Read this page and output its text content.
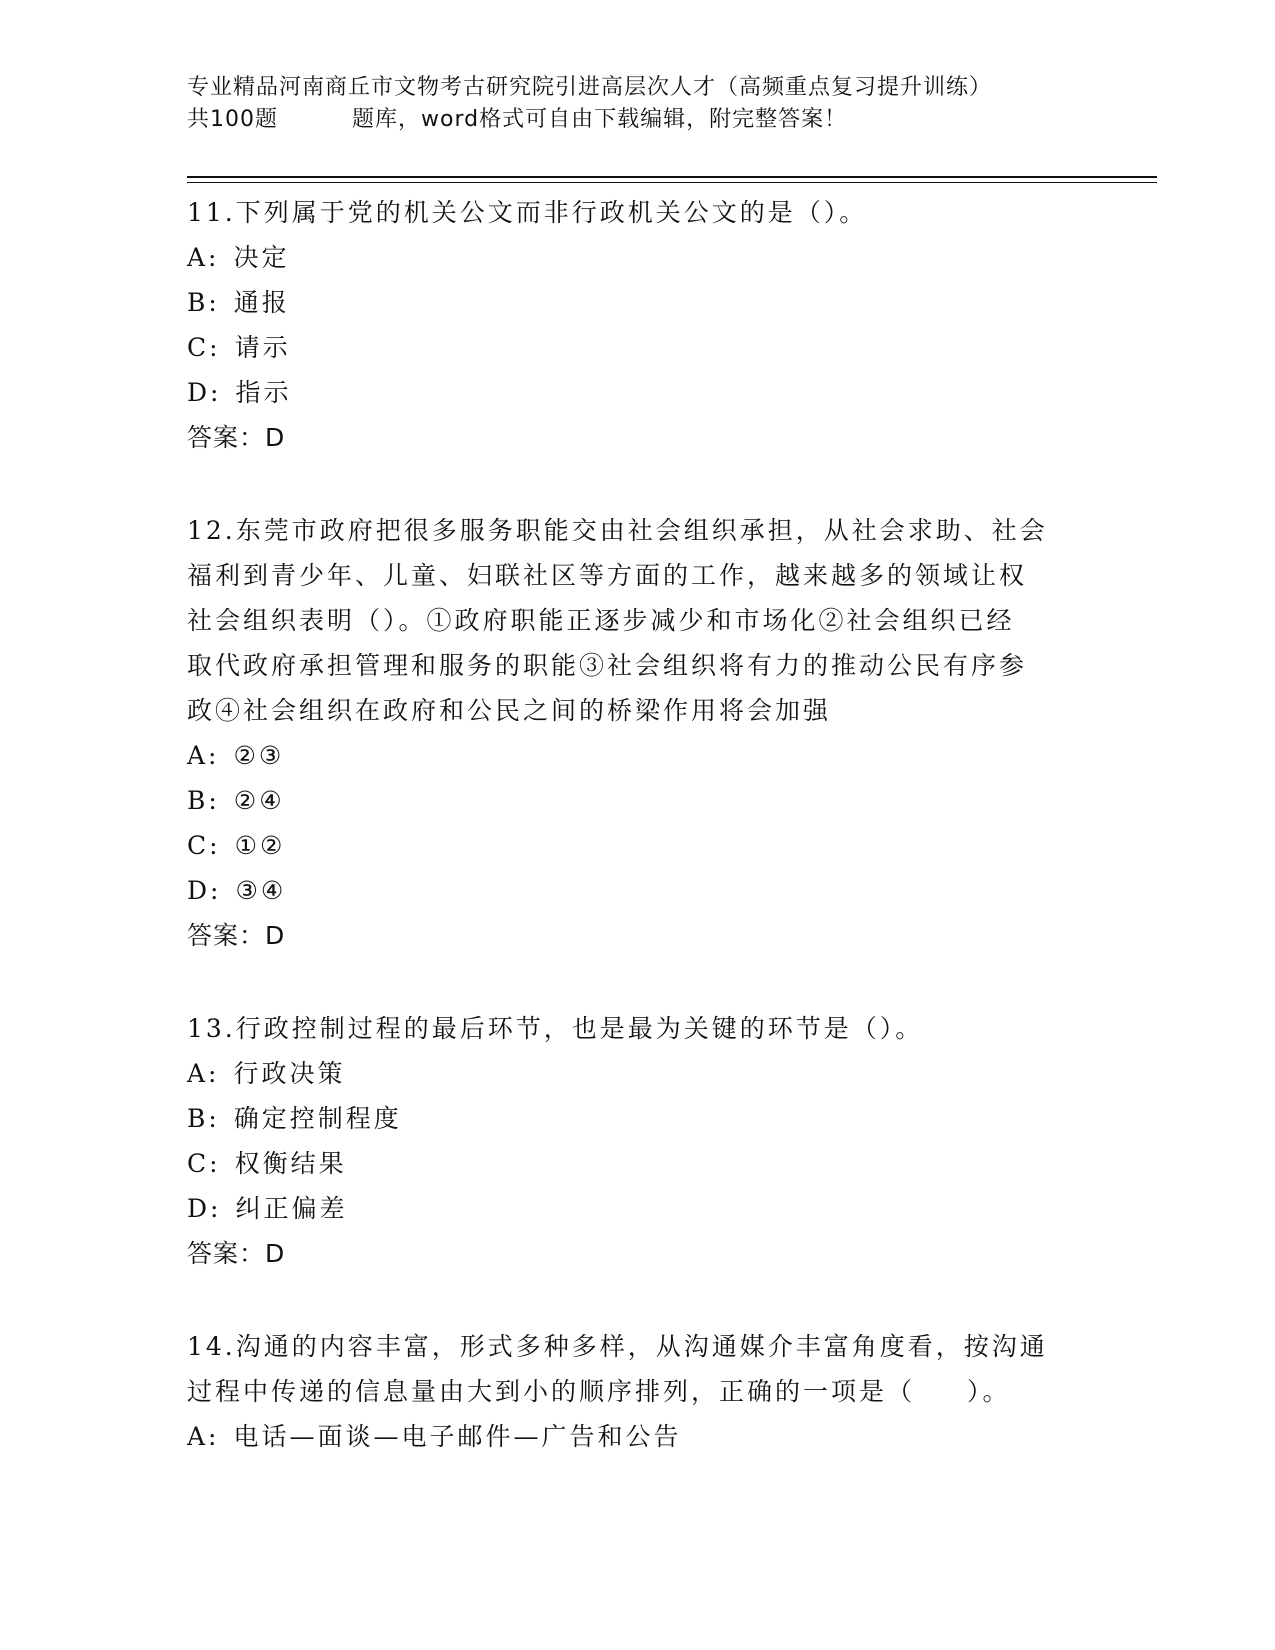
专业精品河南商丘市文物考古研究院引进高层次人才（高频重点复习提升训练）
共100题	题库，word格式可自由下载编辑，附完整答案！
11.下列属于党的机关公文而非行政机关公文的是（）。
A: 决定
B: 通报
C: 请示
D: 指示
答案：D
12.东莞市政府把很多服务职能交由社会组织承担，从社会求助、社会
福利到青少年、儿童、妇联社区等方面的工作，越来越多的领域让权
社会组织表明（）。①政府职能正逐步减少和市场化②社会组织已经
取代政府承担管理和服务的职能③社会组织将有力的推动公民有序参
政④社会组织在政府和公民之间的桥梁作用将会加强
A: ②③
B: ②④
C: ①②
D: ③④
答案：D
13.行政控制过程的最后环节，也是最为关键的环节是（）。
A: 行政决策
B: 确定控制程度
C: 权衡结果
D: 纠正偏差
答案：D
14.沟通的内容丰富，形式多种多样，从沟通媒介丰富角度看，按沟通
过程中传递的信息量由大到小的顺序排列，正确的一项是（ ）。
A: 电话—面谈—电子邮件—广告和公告
